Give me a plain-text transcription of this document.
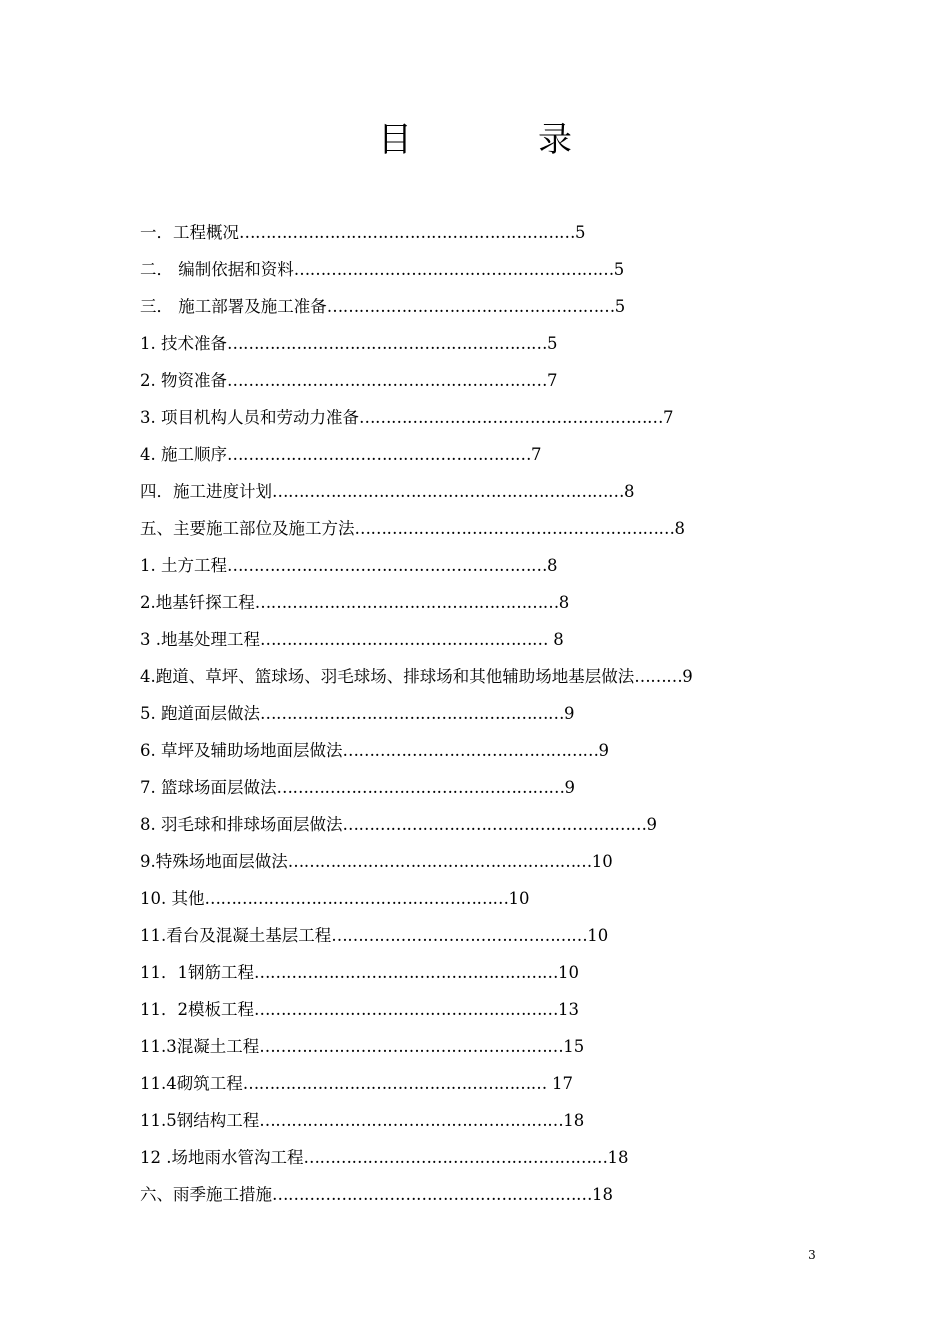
目　录
一．工程概况………………………………………………………5
二． 编制依据和资料……………………………………………………5
三． 施工部署及施工准备………………………………………………5
1. 技术准备……………………………………………………5
2. 物资准备……………………………………………………7
3. 项目机构人员和劳动力准备…………………………………………………7
4. 施工顺序…………………………………………………7
四．施工进度计划…………………………………………………………8
五、主要施工部位及施工方法……………………………………………………8
1. 土方工程……………………………………………………8
2.地基钎探工程…………………………………………………8
3 .地基处理工程……………………………………………… 8
4.跑道、草坪、篮球场、羽毛球场、排球场和其他辅助场地基层做法………9
5. 跑道面层做法…………………………………………………9
6. 草坪及辅助场地面层做法…………………………………………9
7. 篮球场面层做法………………………………………………9
8. 羽毛球和排球场面层做法…………………………………………………9
9.特殊场地面层做法…………………………………………………10
10. 其他…………………………………………………10
11.看台及混凝土基层工程…………………………………………10
11．1钢筋工程…………………………………………………10
11．2模板工程…………………………………………………13
11.3混凝土工程…………………………………………………15
11.4砌筑工程………………………………………………… 17
11.5钢结构工程…………………………………………………18
12 .场地雨水管沟工程…………………………………………………18
六、雨季施工措施……………………………………………………18
3
